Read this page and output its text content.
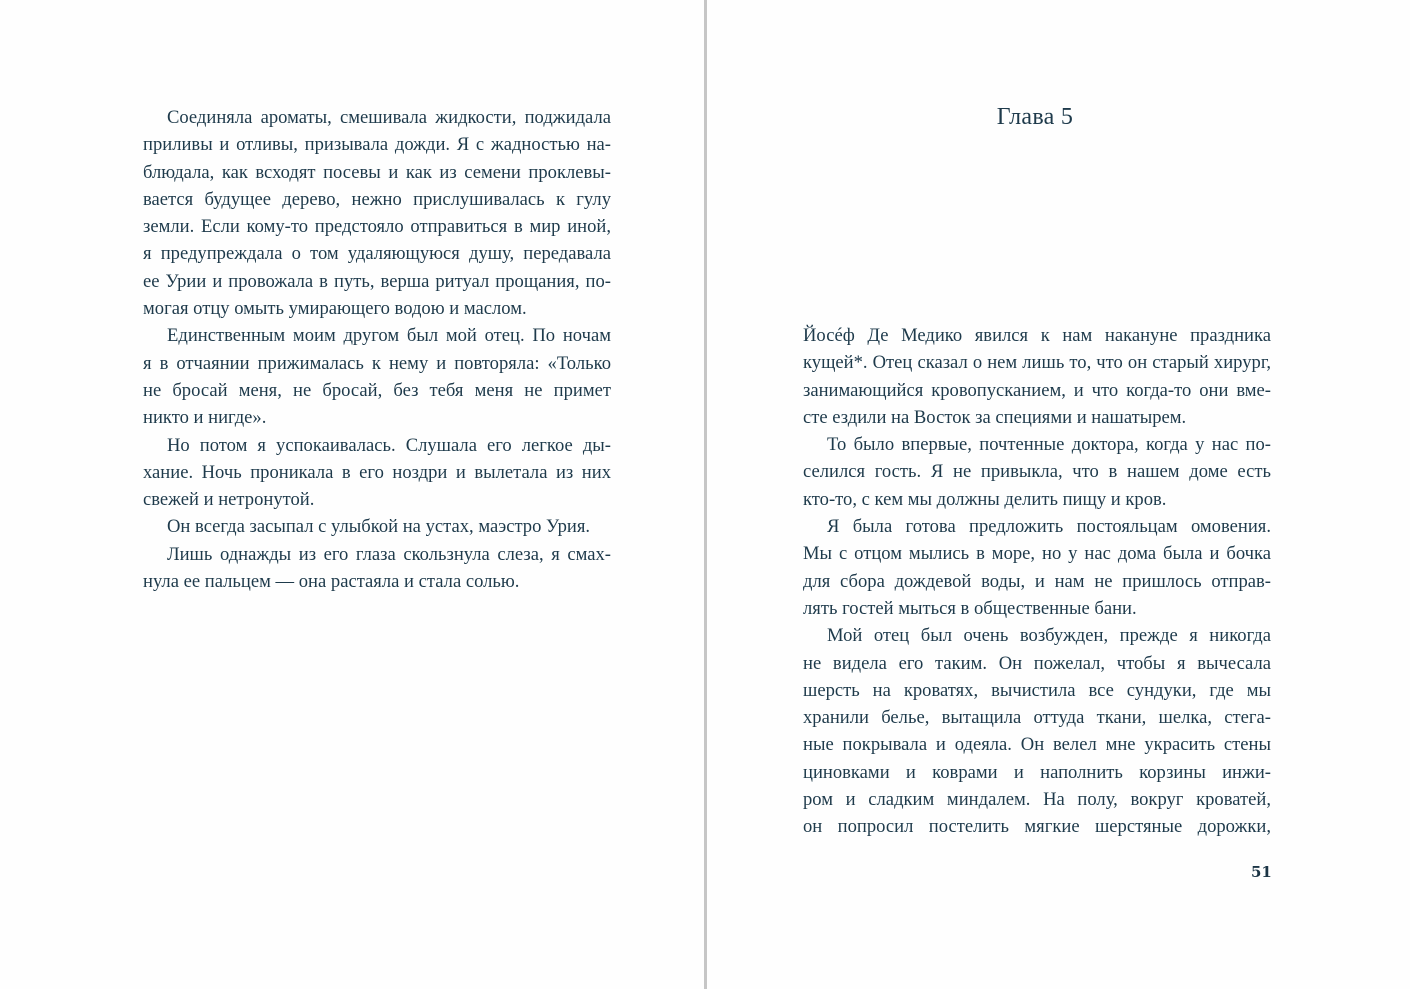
Соединяла ароматы, смешивала жидкости, поджидала
приливы и отливы, призывала дожди. Я с жадностью на-
блюдала, как всходят посевы и как из семени проклевы-
вается будущее дерево, нежно прислушивалась к гулу
земли. Если кому-то предстояло отправиться в мир иной,
я предупреждала о том удаляющуюся душу, передавала
ее Урии и провожала в путь, верша ритуал прощания, по-
могая отцу омыть умирающего водою и маслом.
Единственным моим другом был мой отец. По ночам
я в отчаянии прижималась к нему и повторяла: «Только
не бросай меня, не бросай, без тебя меня не примет
никто и нигде».
Но потом я успокаивалась. Слушала его легкое ды-
хание. Ночь проникала в его ноздри и вылетала из них
свежей и нетронутой.
Он всегда засыпал с улыбкой на устах, маэстро Урия.
Лишь однажды из его глаза скользнула слеза, я смах-
нула ее пальцем — она растаяла и стала солью.
Глава 5
Йосéф Де Медико явился к нам накануне праздника
кущей*. Отец сказал о нем лишь то, что он старый хирург,
занимающийся кровопусканием, и что когда-то они вме-
сте ездили на Восток за специями и нашатырем.
То было впервые, почтенные доктора, когда у нас по-
селился гость. Я не привыкла, что в нашем доме есть
кто-то, с кем мы должны делить пищу и кров.
Я была готова предложить постояльцам омовения.
Мы с отцом мылись в море, но у нас дома была и бочка
для сбора дождевой воды, и нам не пришлось отправ-
лять гостей мыться в общественные бани.
Мой отец был очень возбужден, прежде я никогда
не видела его таким. Он пожелал, чтобы я вычесала
шерсть на кроватях, вычистила все сундуки, где мы
хранили белье, вытащила оттуда ткани, шелка, стега-
ные покрывала и одеяла. Он велел мне украсить стены
циновками и коврами и наполнить корзины инжи-
ром и сладким миндалем. На полу, вокруг кроватей,
он попросил постелить мягкие шерстяные дорожки,
51
